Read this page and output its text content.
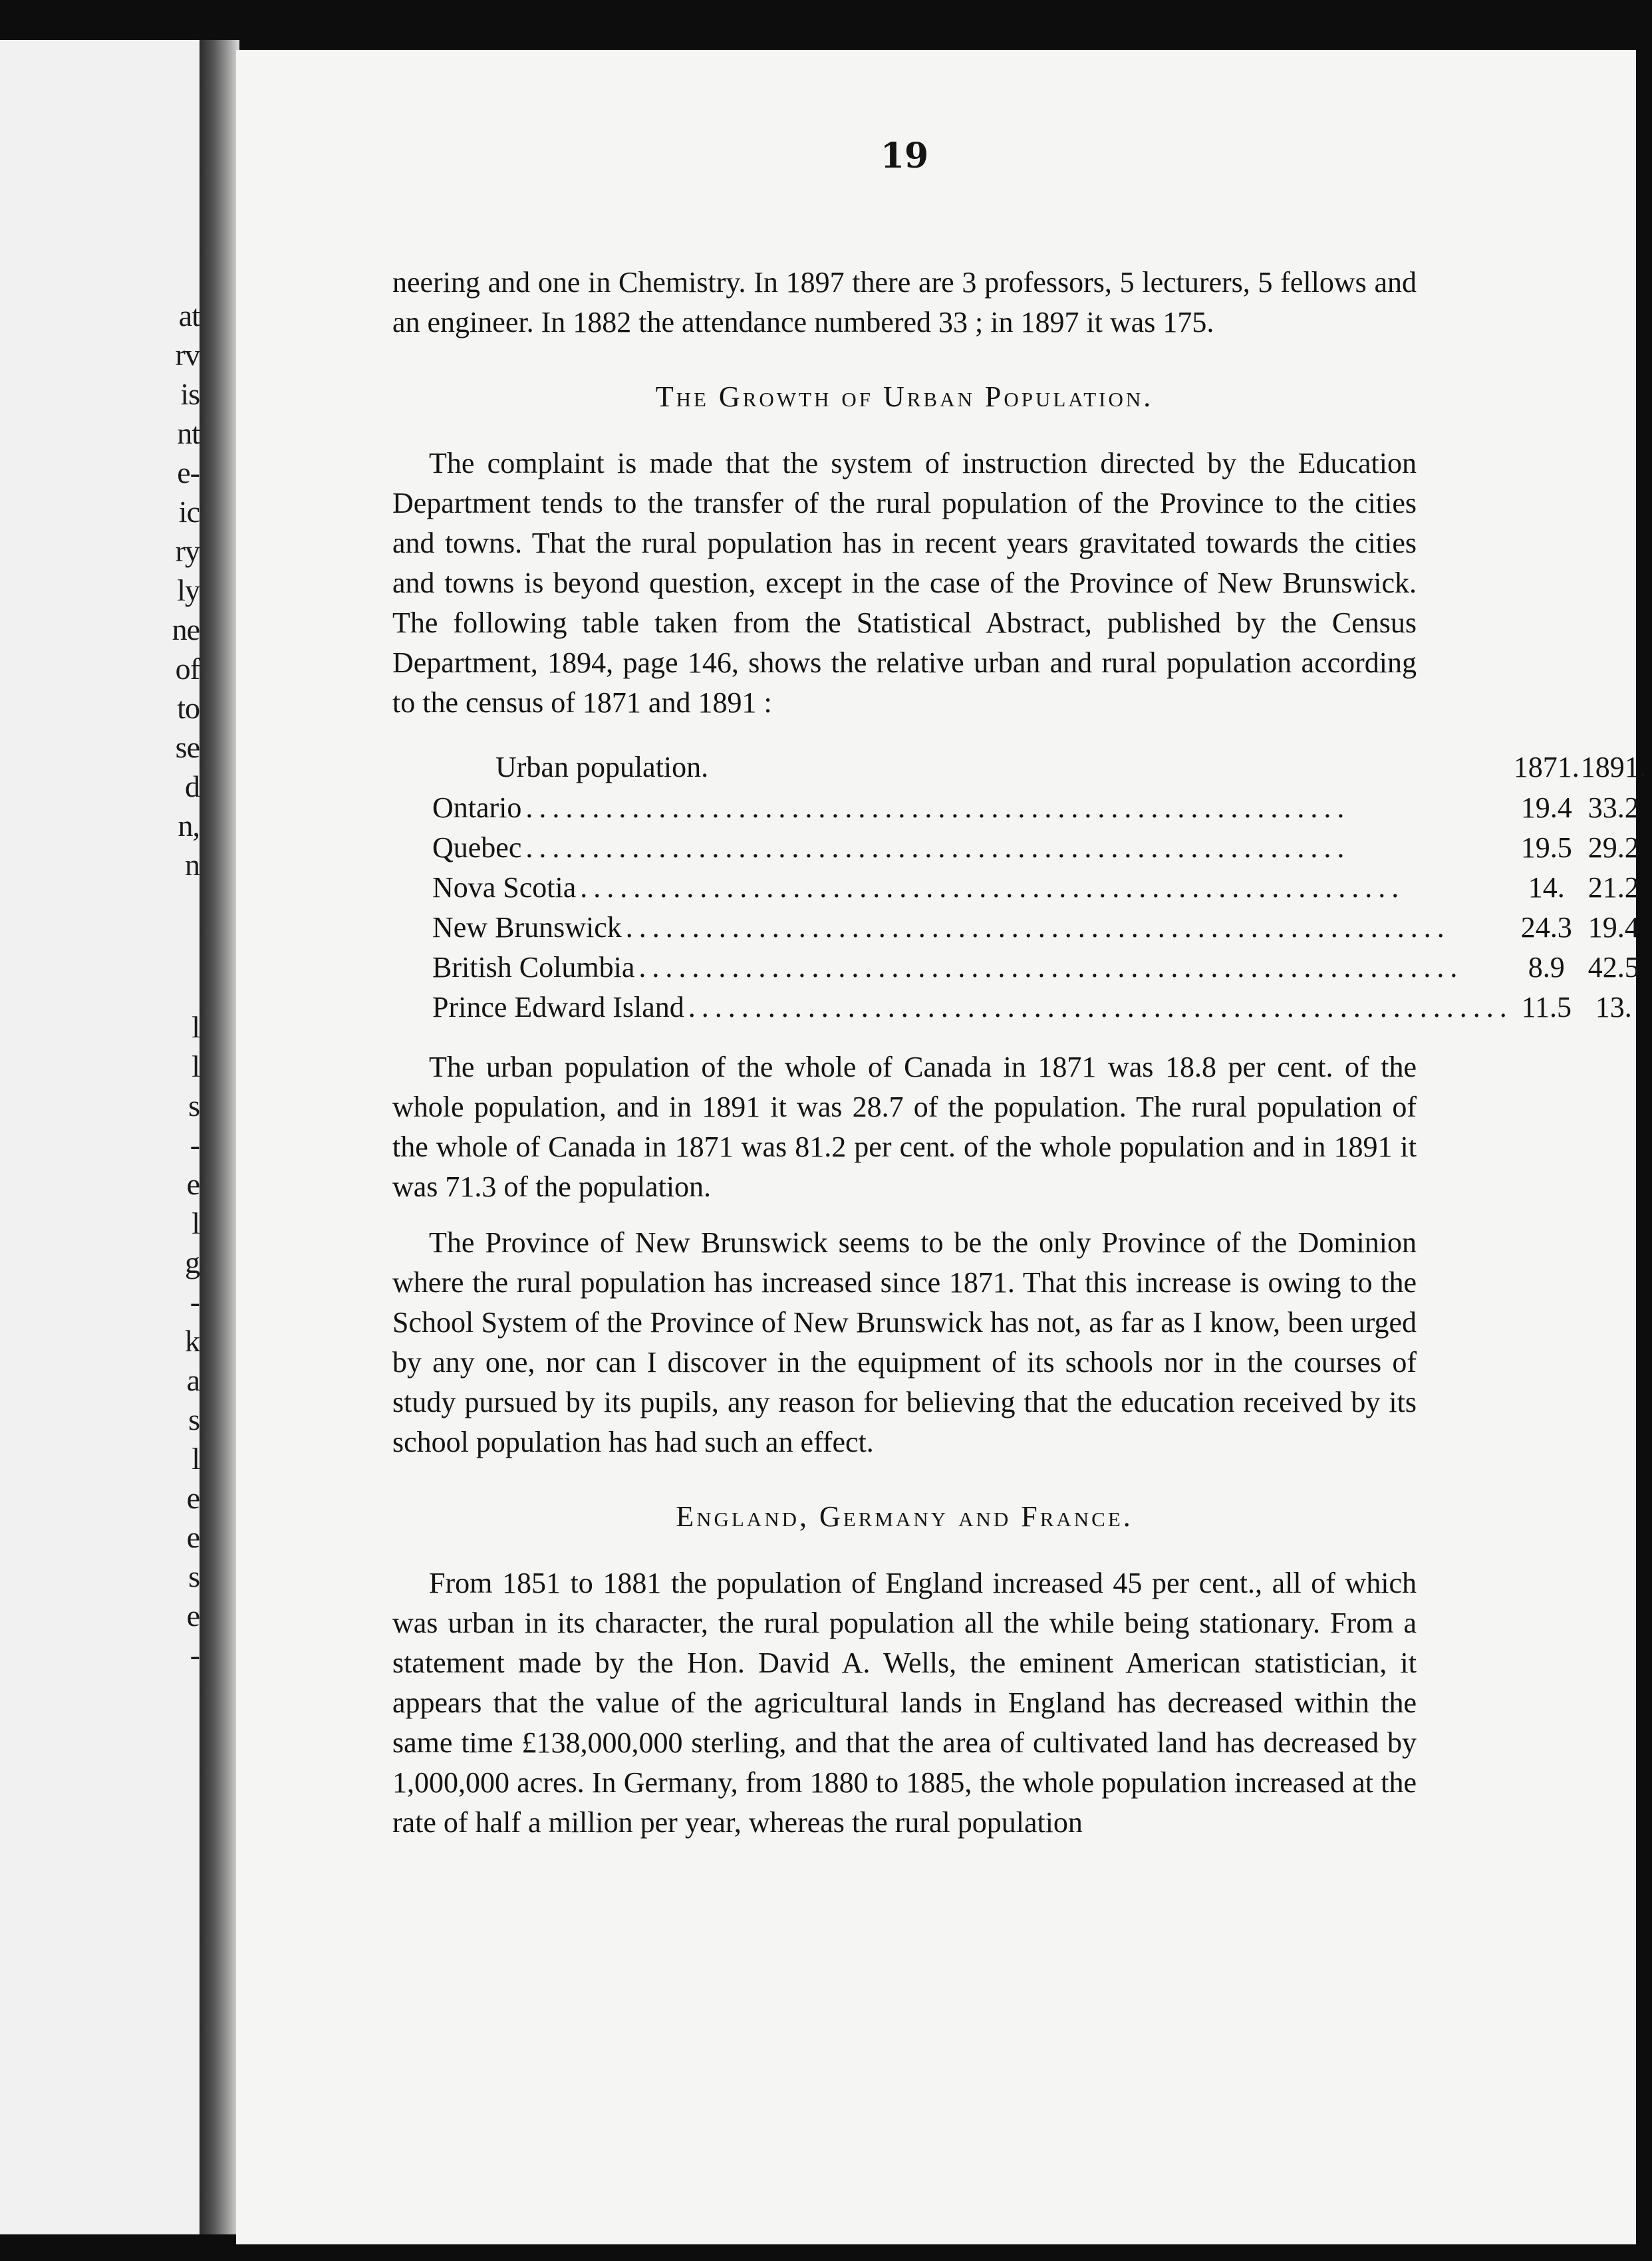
at
rv
is
nt
e-
ic
ry
ly
ne
of
to
se
d
n,
n
l
l
s
-
e
l
g
-
k
a
s
l
e
e
s
e
-
19

neering and one in Chemistry. In 1897 there are 3 professors, 5 lecturers, 5 fellows and an engineer. In 1882 the attendance numbered 33 ; in 1897 it was 175.

The Growth of Urban Population.

The complaint is made that the system of instruction directed by the Education Department tends to the transfer of the rural population of the Province to the cities and towns. That the rural population has in recent years gravitated towards the cities and towns is beyond question, except in the case of the Province of New Brunswick. The following table taken from the Statistical Abstract, published by the Census Department, 1894, page 146, shows the relative urban and rural population according to the census of 1871 and 1891 :

Urban population.	1871.	1891.

Ontario ..............................................................	19.4	33.2

Quebec ..............................................................	19.5	29.2

Nova Scotia ..............................................................	14.	21.2

New Brunswick ..............................................................	24.3	19.4

British Columbia ..............................................................	8.9	42.5

Prince Edward Island ..............................................................	11.5	13.

The urban population of the whole of Canada in 1871 was 18.8 per cent. of the whole population, and in 1891 it was 28.7 of the population. The rural population of the whole of Canada in 1871 was 81.2 per cent. of the whole population and in 1891 it was 71.3 of the population.

The Province of New Brunswick seems to be the only Province of the Dominion where the rural population has increased since 1871. That this increase is owing to the School System of the Province of New Brunswick has not, as far as I know, been urged by any one, nor can I discover in the equipment of its schools nor in the courses of study pursued by its pupils, any reason for believing that the education received by its school population has had such an effect.

England, Germany and France.

From 1851 to 1881 the population of England increased 45 per cent., all of which was urban in its character, the rural population all the while being stationary. From a statement made by the Hon. David A. Wells, the eminent American statistician, it appears that the value of the agricultural lands in England has decreased within the same time £138,000,000 sterling, and that the area of cultivated land has decreased by 1,000,000 acres. In Germany, from 1880 to 1885, the whole population increased at the rate of half a million per year, whereas the rural population
